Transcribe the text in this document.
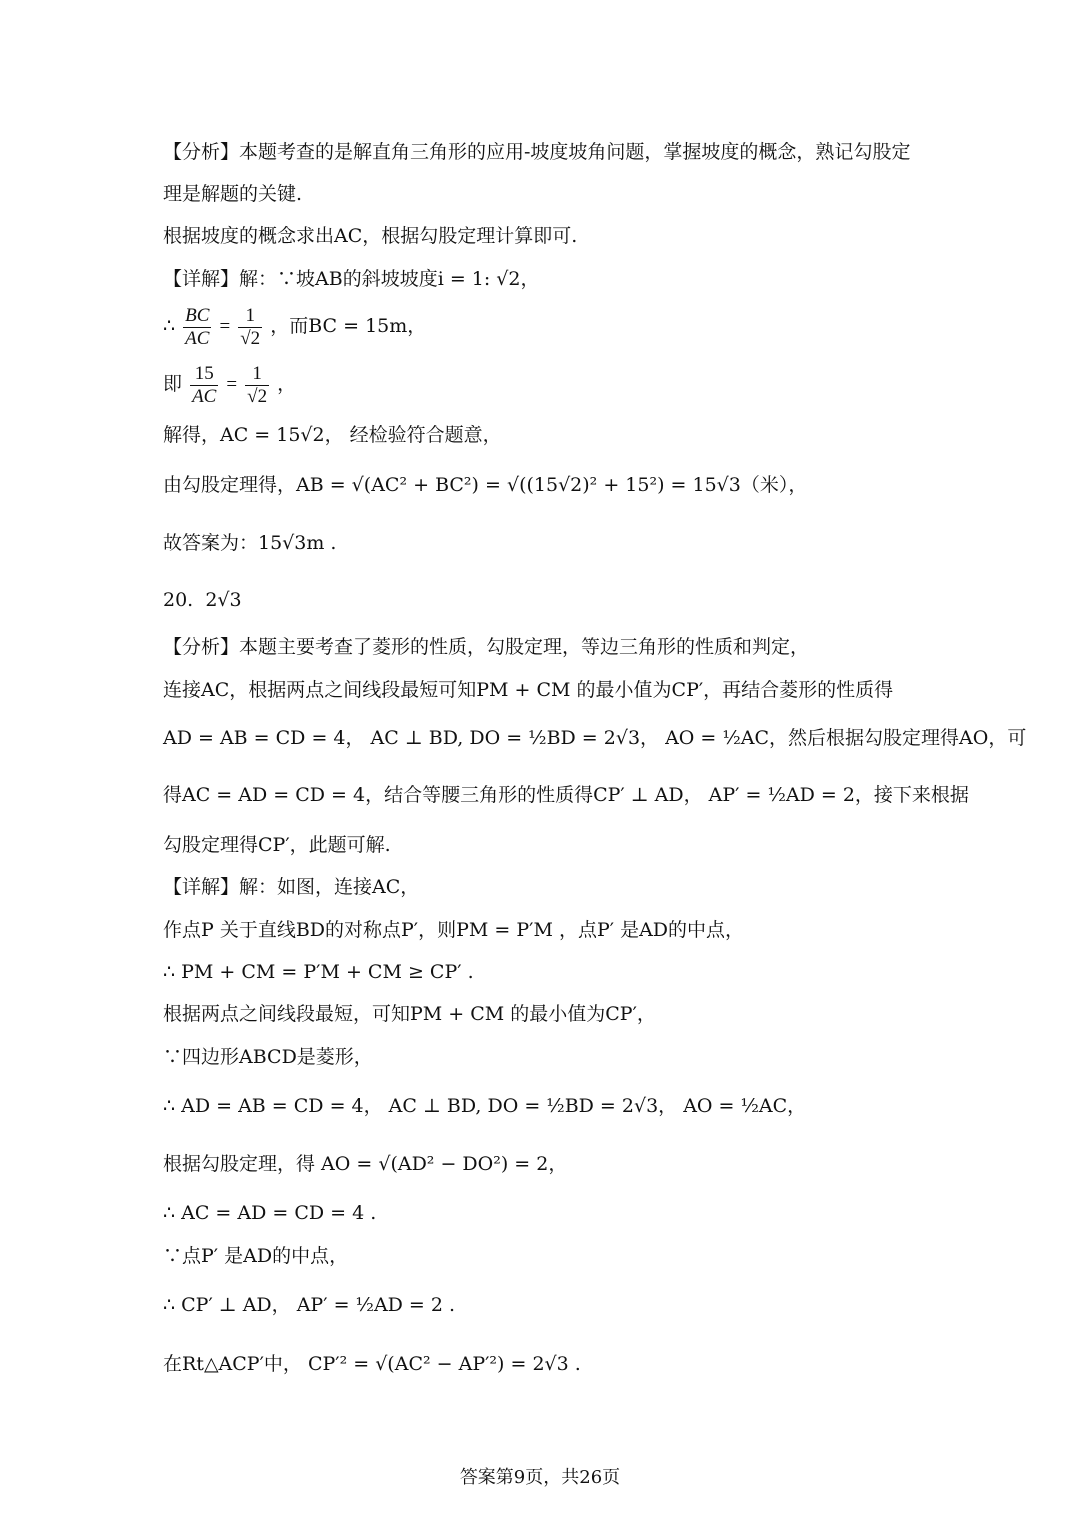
【分析】本题考查的是解直角三角形的应用-坡度坡角问题，掌握坡度的概念，熟记勾股定
理是解题的关键.
根据坡度的概念求出AC，根据勾股定理计算即可.
【详解】解：∵坡AB的斜坡坡度i = 1: √2，
∴ $\frac{BC}{AC} = \frac{1}{√2}$ ，而BC = 15m，
即 $\frac{15}{AC} = \frac{1}{√2}$ ，
解得，AC = 15√2， 经检验符合题意，
由勾股定理得，AB = √(AC² + BC²) = √((15√2)² + 15²) = 15√3（米），
故答案为：15√3m .
20. 2√3
【分析】本题主要考查了菱形的性质，勾股定理，等边三角形的性质和判定，
连接AC，根据两点之间线段最短可知PM + CM 的最小值为CP′，再结合菱形的性质得
AD = AB = CD = 4， AC ⊥ BD, DO = ½BD = 2√3， AO = ½AC，然后根据勾股定理得AO，可
得AC = AD = CD = 4，结合等腰三角形的性质得CP′ ⊥ AD， AP′ = ½AD = 2，接下来根据
勾股定理得CP′，此题可解.
【详解】解：如图，连接AC，
作点P 关于直线BD的对称点P′，则PM = P′M ，点P′ 是AD的中点，
∴ PM + CM = P′M + CM ≥ CP′ .
根据两点之间线段最短，可知PM + CM 的最小值为CP′，
∵四边形ABCD是菱形，
∴ AD = AB = CD = 4， AC ⊥ BD, DO = ½BD = 2√3， AO = ½AC，
根据勾股定理，得 AO = √(AD² − DO²) = 2，
∴ AC = AD = CD = 4 .
∵点P′ 是AD的中点，
∴ CP′ ⊥ AD， AP′ = ½AD = 2 .
在Rt△ACP′中， CP′² = √(AC² − AP′²) = 2√3 .
答案第9页，共26页
